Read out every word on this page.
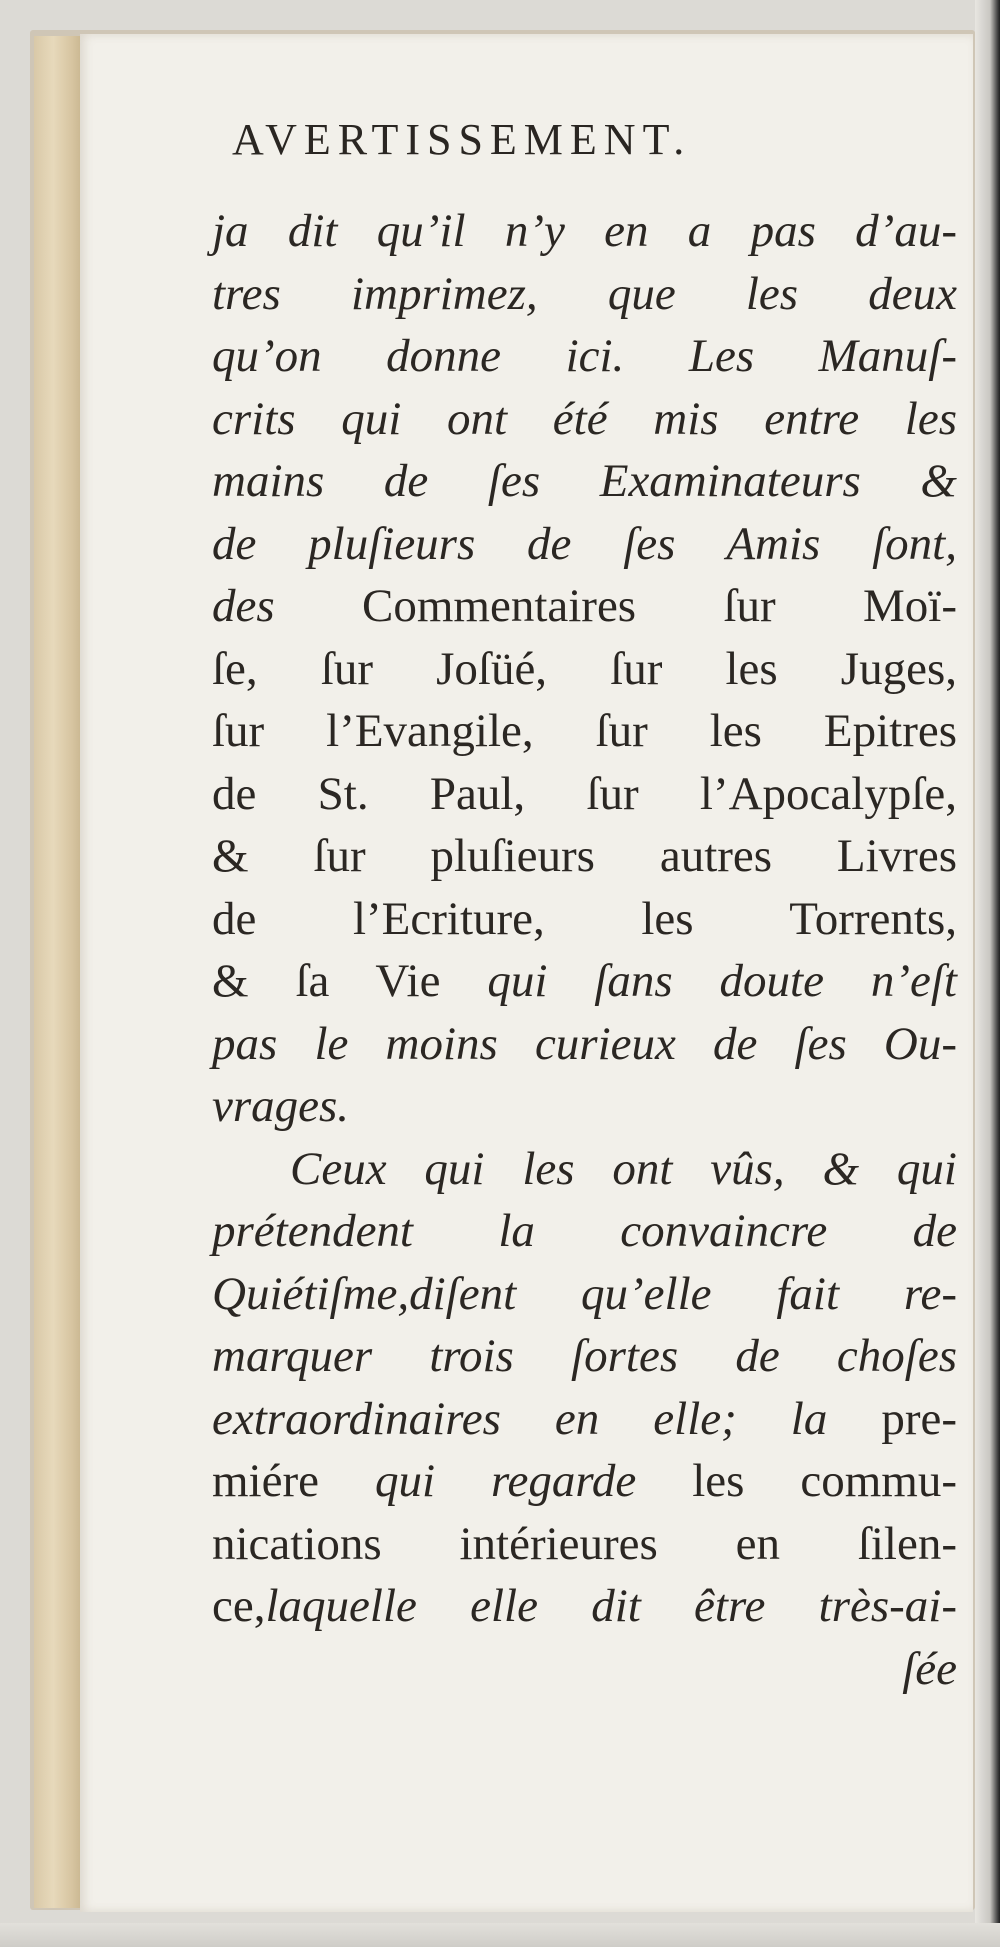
AVERTISSEMENT.
ja dit qu’il n’y en a pas d’au-
tres imprimez, que les deux
qu’on donne ici. Les Manuſ-
crits qui ont été mis entre les
mains de ſes Examinateurs &
de pluſieurs de ſes Amis ſont,
des Commentaires ſur Moï-
ſe, ſur Joſüé, ſur les Juges,
ſur l’Evangile, ſur les Epitres
de St. Paul, ſur l’Apocalypſe,
& ſur pluſieurs autres Livres
de l’Ecriture, les Torrents,
& ſa Vie qui ſans doute n’eſt
pas le moins curieux de ſes Ou-
vrages.
Ceux qui les ont vûs, & qui
prétendent la convaincre de
Quiétiſme,diſent qu’elle fait re-
marquer trois ſortes de choſes
extraordinaires en elle; la pre-
miére qui regarde les commu-
nications intérieures en ſilen-
ce,laquelle elle dit être très-ai-
ſée
